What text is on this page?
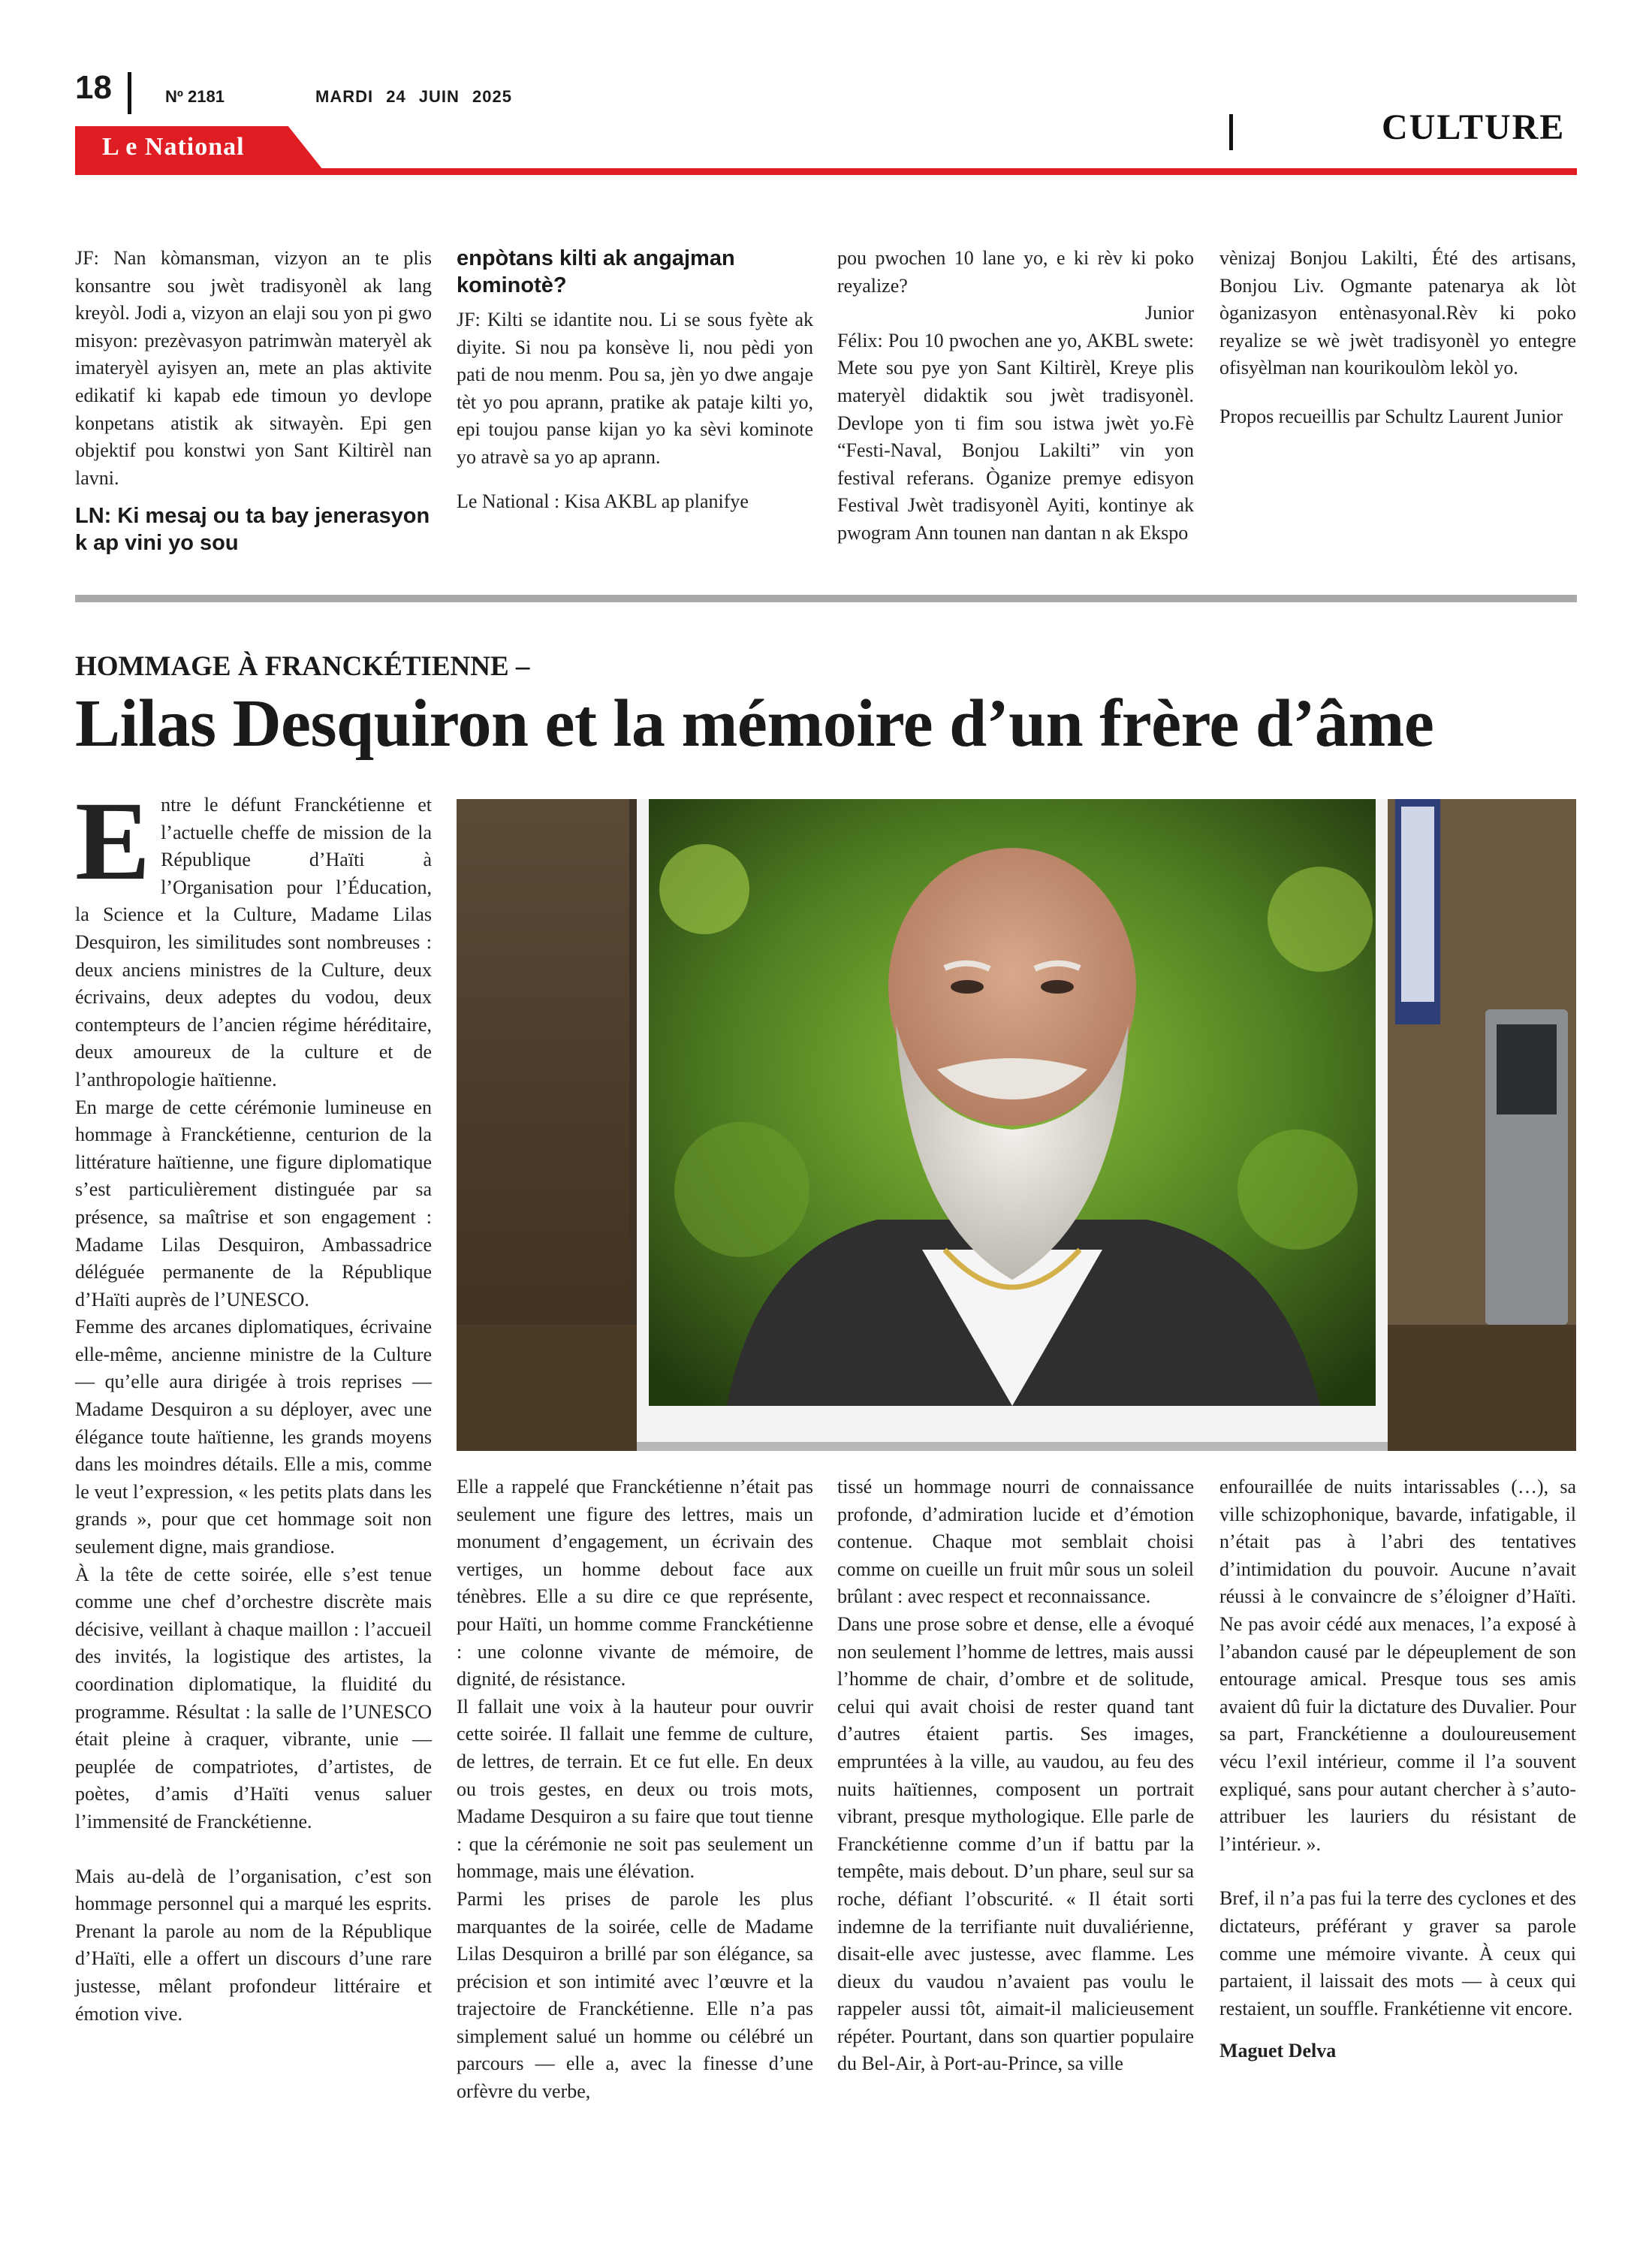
18	Nº 2181	MARDI 24 JUIN 2025
L e National	CULTURE

JF: Nan kòmansman, vizyon an te plis konsantre sou jwèt tradisyonèl ak lang kreyòl. Jodi a, vizyon an elaji sou yon pi gwo misyon: prezèvasyon patrimwàn materyèl ak imateryèl ayisyen an, mete an plas aktivite edikatif ki kapab ede timoun yo devlope konpetans atistik ak sitwayèn. Epi gen objektif pou konstwi yon Sant Kiltirèl nan lavni.

LN: Ki mesaj ou ta bay jenerasyon k ap vini yo sou
enpòtans kilti ak angajman kominotè?

JF: Kilti se idantite nou. Li se sous fyète ak diyite. Si nou pa konsève li, nou pèdi yon pati de nou menm. Pou sa, jèn yo dwe angaje tèt yo pou aprann, pratike ak pataje kilti yo, epi toujou panse kijan yo ka sèvi kominote yo atravè sa yo ap aprann.

Le National : Kisa AKBL ap planifye

pou pwochen 10 lane yo, e ki rèv ki poko reyalize?

Junior

Félix: Pou 10 pwochen ane yo, AKBL swete: Mete sou pye yon Sant Kiltirèl, Kreye plis materyèl didaktik sou jwèt tradisyonèl. Devlope yon ti fim sou istwa jwèt yo.Fè “Festi-Naval, Bonjou Lakilti” vin yon festival referans. Òganize premye edisyon Festival Jwèt tradisyonèl Ayiti, kontinye ak pwogram Ann tounen nan dantan n ak Ekspo

vènizaj Bonjou Lakilti, Été des artisans, Bonjou Liv. Ogmante patenarya ak lòt òganizasyon entènasyonal.Rèv ki poko reyalize se wè jwèt tradisyonèl yo entegre ofisyèlman nan kourikoulòm lekòl yo.

Propos recueillis par Schultz Laurent Junior

HOMMAGE À FRANCKÉTIENNE –
Lilas Desquiron et la mémoire d’un frère d’âme

Entre le défunt Franckétienne et l’actuelle cheffe de mission de la République d’Haïti à l’Organisation pour l’Éducation, la Science et la Culture, Madame Lilas Desquiron, les similitudes sont nombreuses : deux anciens ministres de la Culture, deux écrivains, deux adeptes du vodou, deux contempteurs de l’ancien régime héréditaire, deux amoureux de la culture et de l’anthropologie haïtienne.

En marge de cette cérémonie lumineuse en hommage à Franckétienne, centurion de la littérature haïtienne, une figure diplomatique s’est particulièrement distinguée par sa présence, sa maîtrise et son engagement : Madame Lilas Desquiron, Ambassadrice déléguée permanente de la République d’Haïti auprès de l’UNESCO.

Femme des arcanes diplomatiques, écrivaine elle-même, ancienne ministre de la Culture — qu’elle aura dirigée à trois reprises — Madame Desquiron a su déployer, avec une élégance toute haïtienne, les grands moyens dans les moindres détails. Elle a mis, comme le veut l’expression, « les petits plats dans les grands », pour que cet hommage soit non seulement digne, mais grandiose.

À la tête de cette soirée, elle s’est tenue comme une chef d’orchestre discrète mais décisive, veillant à chaque maillon : l’accueil des invités, la logistique des artistes, la coordination diplomatique, la fluidité du programme. Résultat : la salle de l’UNESCO était pleine à craquer, vibrante, unie — peuplée de compatriotes, d’artistes, de poètes, d’amis d’Haïti venus saluer l’immensité de Franckétienne.

Mais au-delà de l’organisation, c’est son hommage personnel qui a marqué les esprits. Prenant la parole au nom de la République d’Haïti, elle a offert un discours d’une rare justesse, mêlant profondeur littéraire et émotion vive.

Elle a rappelé que Franckétienne n’était pas seulement une figure des lettres, mais un monument d’engagement, un écrivain des vertiges, un homme debout face aux ténèbres. Elle a su dire ce que représente, pour Haïti, un homme comme Franckétienne : une colonne vivante de mémoire, de dignité, de résistance.

Il fallait une voix à la hauteur pour ouvrir cette soirée. Il fallait une femme de culture, de lettres, de terrain. Et ce fut elle. En deux ou trois gestes, en deux ou trois mots, Madame Desquiron a su faire que tout tienne : que la cérémonie ne soit pas seulement un hommage, mais une élévation.

Parmi les prises de parole les plus marquantes de la soirée, celle de Madame Lilas Desquiron a brillé par son élégance, sa précision et son intimité avec l’œuvre et la trajectoire de Franckétienne. Elle n’a pas simplement salué un homme ou célébré un parcours — elle a, avec la finesse d’une orfèvre du verbe,

tissé un hommage nourri de connaissance profonde, d’admiration lucide et d’émotion contenue. Chaque mot semblait choisi comme on cueille un fruit mûr sous un soleil brûlant : avec respect et reconnaissance.

Dans une prose sobre et dense, elle a évoqué non seulement l’homme de lettres, mais aussi l’homme de chair, d’ombre et de solitude, celui qui avait choisi de rester quand tant d’autres étaient partis. Ses images, empruntées à la ville, au vaudou, au feu des nuits haïtiennes, composent un portrait vibrant, presque mythologique. Elle parle de Franckétienne comme d’un if battu par la tempête, mais debout. D’un phare, seul sur sa roche, défiant l’obscurité. « Il était sorti indemne de la terrifiante nuit duvaliérienne, disait-elle avec justesse, avec flamme. Les dieux du vaudou n’avaient pas voulu le rappeler aussi tôt, aimait-il malicieusement répéter. Pourtant, dans son quartier populaire du Bel-Air, à Port-au-Prince, sa ville

enfouraillée de nuits intarissables (…), sa ville schizophonique, bavarde, infatigable, il n’était pas à l’abri des tentatives d’intimidation du pouvoir. Aucune n’avait réussi à le convaincre de s’éloigner d’Haïti. Ne pas avoir cédé aux menaces, l’a exposé à l’abandon causé par le dépeuplement de son entourage amical. Presque tous ses amis avaient dû fuir la dictature des Duvalier. Pour sa part, Franckétienne a douloureusement vécu l’exil intérieur, comme il l’a souvent expliqué, sans pour autant chercher à s’auto-attribuer les lauriers du résistant de l’intérieur. ».

Bref, il n’a pas fui la terre des cyclones et des dictateurs, préférant y graver sa parole comme une mémoire vivante. À ceux qui partaient, il laissait des mots — à ceux qui restaient, un souffle. Frankétienne vit encore.

Maguet Delva
